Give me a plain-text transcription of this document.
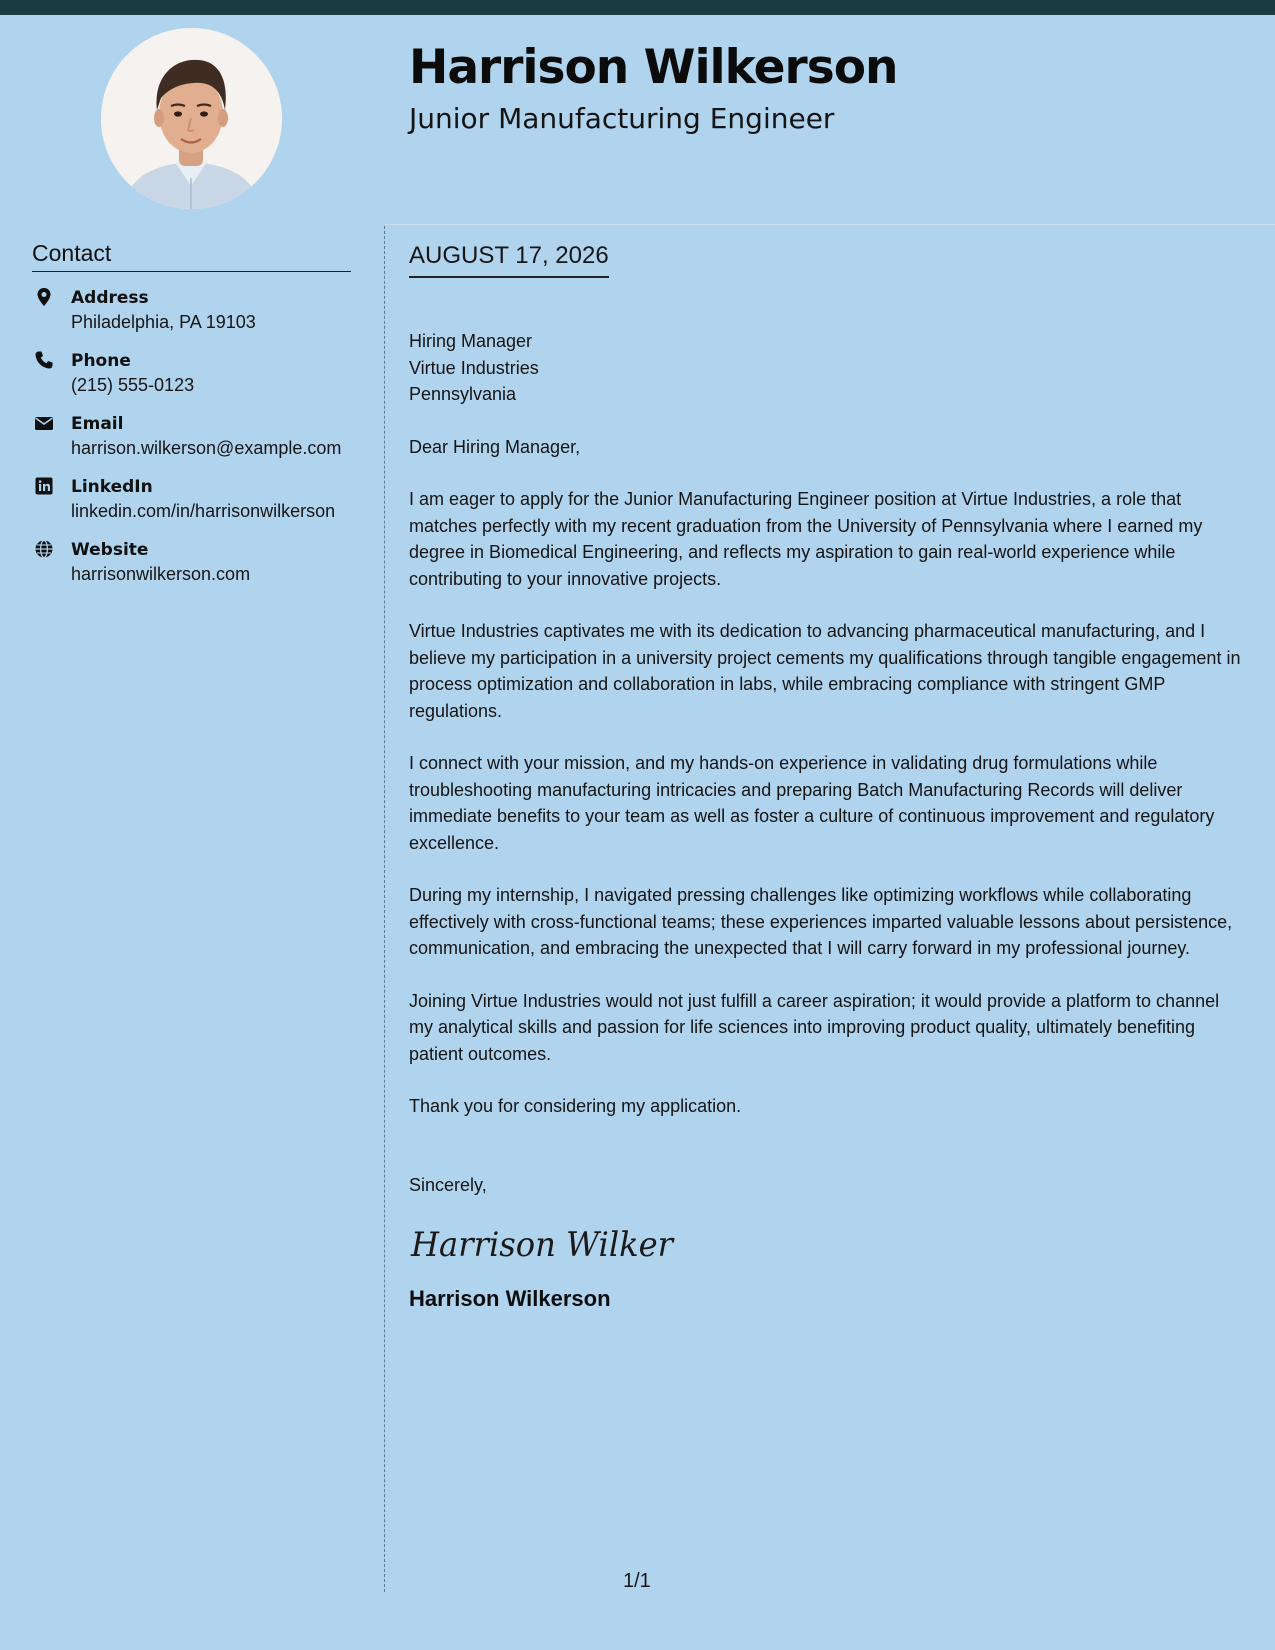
Harrison Wilkerson
Junior Manufacturing Engineer
Contact
Address
Philadelphia, PA 19103
Phone
(215) 555-0123
Email
harrison.wilkerson@example.com
LinkedIn
linkedin.com/in/harrisonwilkerson
Website
harrisonwilkerson.com
AUGUST 17, 2026

Hiring Manager
Virtue Industries
Pennsylvania

Dear Hiring Manager,

I am eager to apply for the Junior Manufacturing Engineer position at Virtue Industries, a role that matches perfectly with my recent graduation from the University of Pennsylvania where I earned my degree in Biomedical Engineering, and reflects my aspiration to gain real-world experience while contributing to your innovative projects.

Virtue Industries captivates me with its dedication to advancing pharmaceutical manufacturing, and I believe my participation in a university project cements my qualifications through tangible engagement in process optimization and collaboration in labs, while embracing compliance with stringent GMP regulations.

I connect with your mission, and my hands-on experience in validating drug formulations while troubleshooting manufacturing intricacies and preparing Batch Manufacturing Records will deliver immediate benefits to your team as well as foster a culture of continuous improvement and regulatory excellence.

During my internship, I navigated pressing challenges like optimizing workflows while collaborating effectively with cross-functional teams; these experiences imparted valuable lessons about persistence, communication, and embracing the unexpected that I will carry forward in my professional journey.

Joining Virtue Industries would not just fulfill a career aspiration; it would provide a platform to channel my analytical skills and passion for life sciences into improving product quality, ultimately benefiting patient outcomes.

Thank you for considering my application.

Sincerely,

Harrison Wilker

Harrison Wilkerson

1/1
